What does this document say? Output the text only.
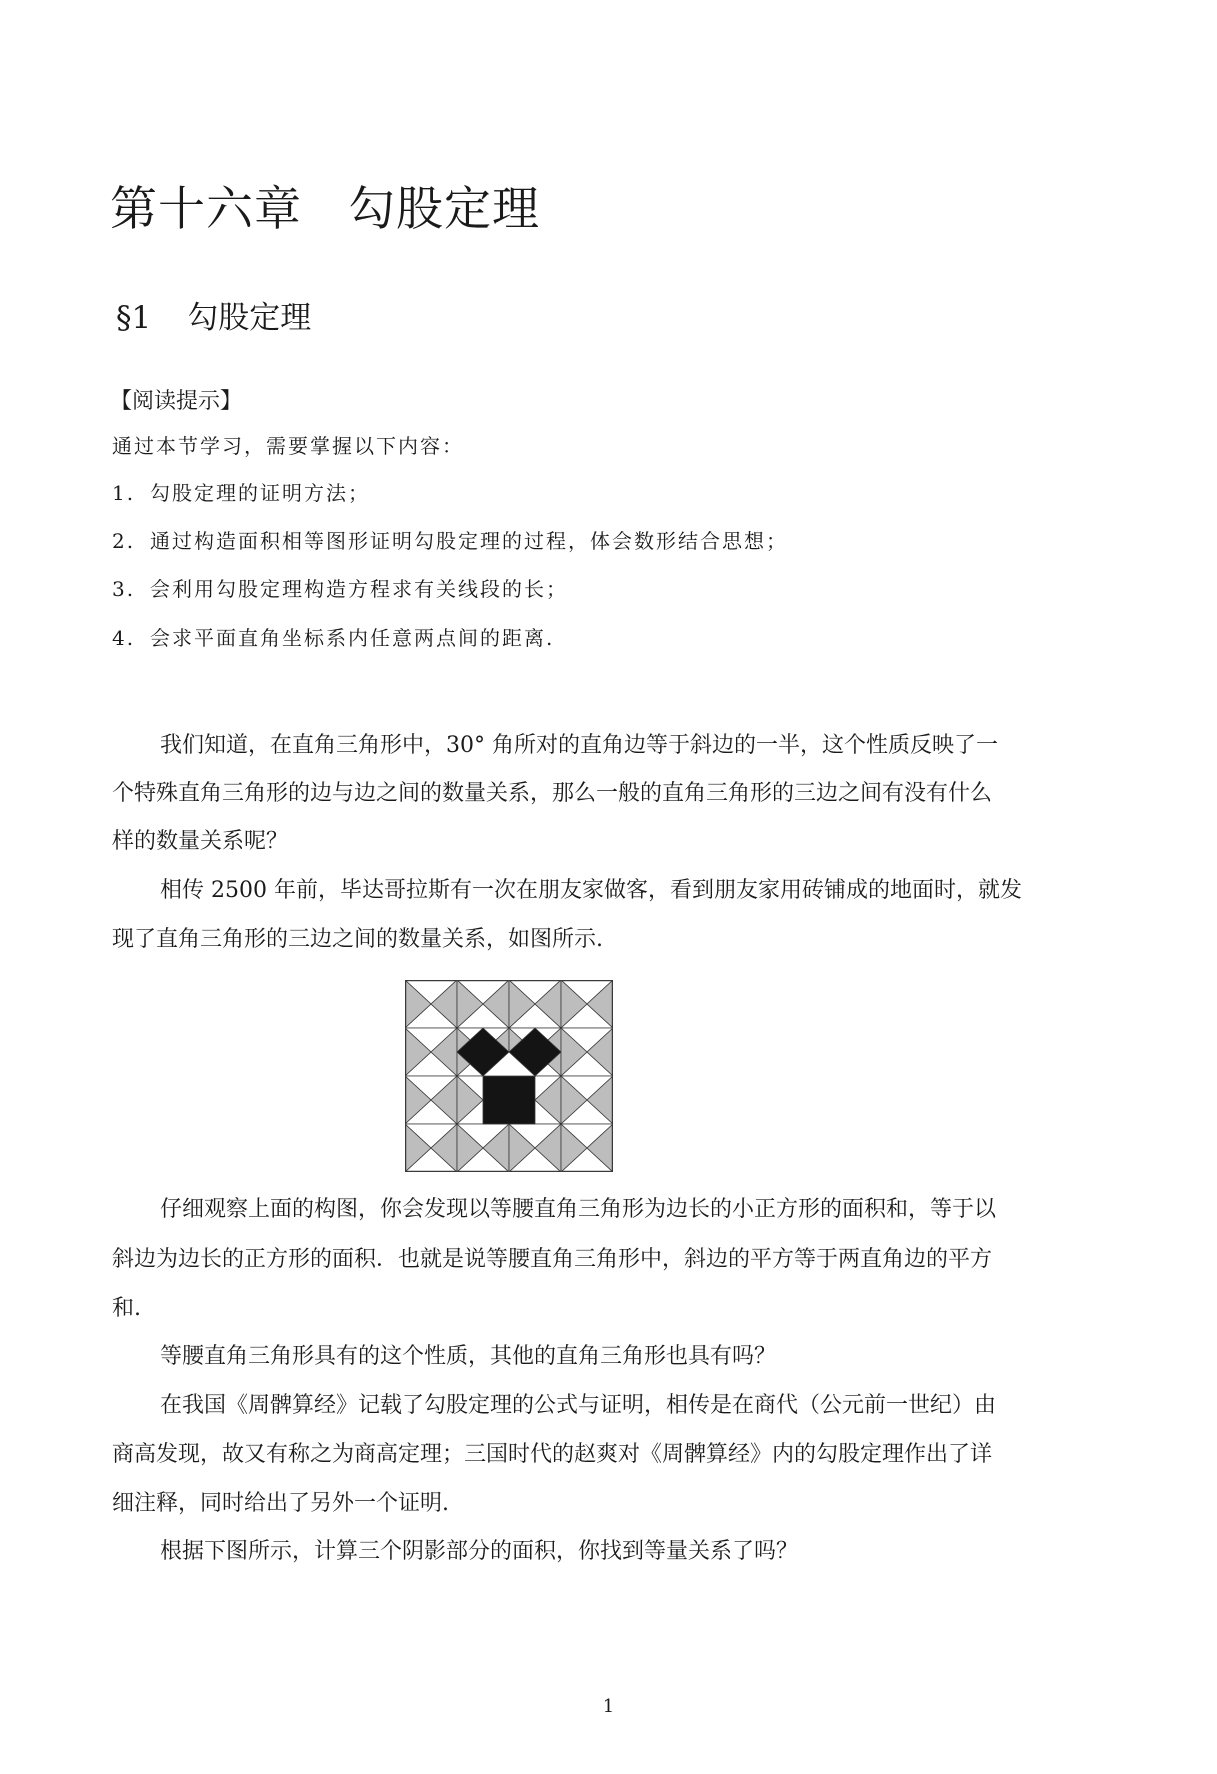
第十六章 勾股定理
§1 勾股定理
【阅读提示】
通过本节学习，需要掌握以下内容：
1. 勾股定理的证明方法；
2. 通过构造面积相等图形证明勾股定理的过程，体会数形结合思想；
3. 会利用勾股定理构造方程求有关线段的长；
4. 会求平面直角坐标系内任意两点间的距离.
我们知道，在直角三角形中，30° 角所对的直角边等于斜边的一半，这个性质反映了一
个特殊直角三角形的边与边之间的数量关系，那么一般的直角三角形的三边之间有没有什么
样的数量关系呢？
相传 2500 年前，毕达哥拉斯有一次在朋友家做客，看到朋友家用砖铺成的地面时，就发
现了直角三角形的三边之间的数量关系，如图所示.
仔细观察上面的构图，你会发现以等腰直角三角形为边长的小正方形的面积和，等于以
斜边为边长的正方形的面积．也就是说等腰直角三角形中，斜边的平方等于两直角边的平方
和.
等腰直角三角形具有的这个性质，其他的直角三角形也具有吗？
在我国《周髀算经》记载了勾股定理的公式与证明，相传是在商代（公元前一世纪）由
商高发现，故又有称之为商高定理；三国时代的赵爽对《周髀算经》内的勾股定理作出了详
细注释，同时给出了另外一个证明.
根据下图所示，计算三个阴影部分的面积，你找到等量关系了吗？
1
